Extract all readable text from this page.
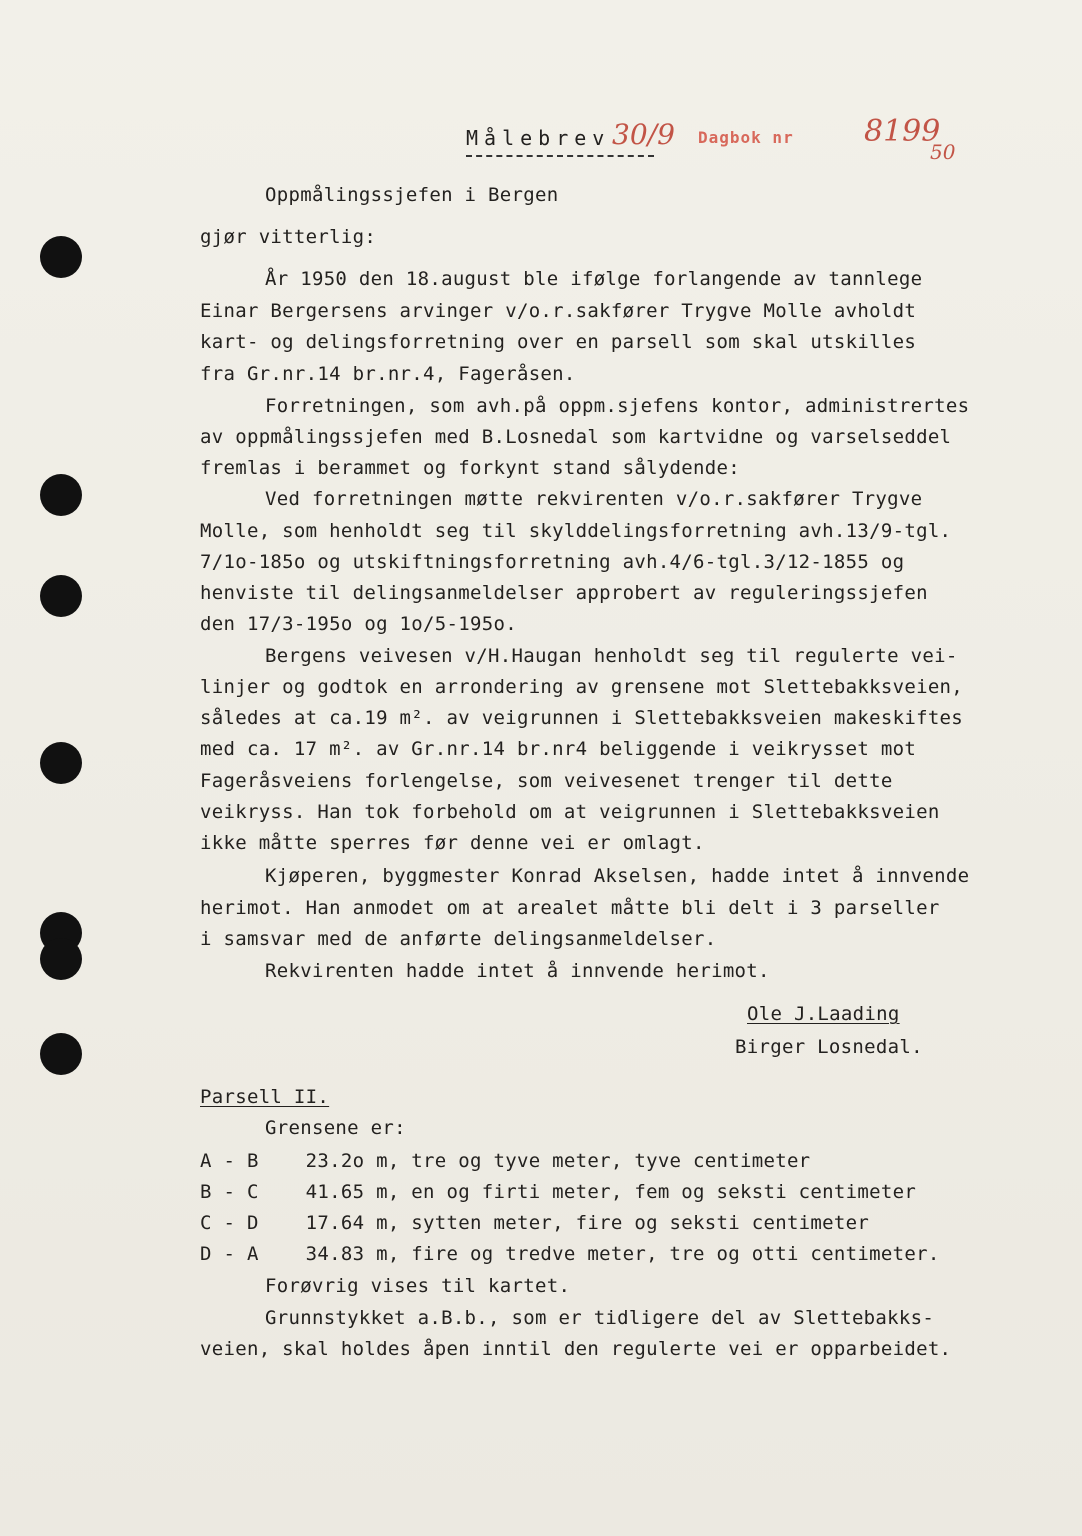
Målebrev 30/9 Dagbok nr 8199
50
Oppmålingssjefen i Bergen
gjør vitterlig:
År 1950 den 18.august ble ifølge forlangende av tannlege
Einar Bergersens arvinger v/o.r.sakfører Trygve Molle avholdt
kart- og delingsforretning over en parsell som skal utskilles
fra Gr.nr.14 br.nr.4, Fageråsen.
Forretningen, som avh.på oppm.sjefens kontor, administrertes
av oppmålingssjefen med B.Losnedal som kartvidne og varselseddel
fremlas i berammet og forkynt stand sålydende:
Ved forretningen møtte rekvirenten v/o.r.sakfører Trygve
Molle, som henholdt seg til skylddelingsforretning avh.13/9-tgl.
7/1o-185o og utskiftningsforretning avh.4/6-tgl.3/12-1855 og
henviste til delingsanmeldelser approbert av reguleringssjefen
den 17/3-195o og 1o/5-195o.
Bergens veivesen v/H.Haugan henholdt seg til regulerte vei-
linjer og godtok en arrondering av grensene mot Slettebakksveien,
således at ca.19 m². av veigrunnen i Slettebakksveien makeskiftes
med ca. 17 m². av Gr.nr.14 br.nr4 beliggende i veikrysset mot
Fageråsveiens forlengelse, som veivesenet trenger til dette
veikryss. Han tok forbehold om at veigrunnen i Slettebakksveien
ikke måtte sperres før denne vei er omlagt.
Kjøperen, byggmester Konrad Akselsen, hadde intet å innvende
herimot. Han anmodet om at arealet måtte bli delt i 3 parseller
i samsvar med de anførte delingsanmeldelser.
Rekvirenten hadde intet å innvende herimot.
Ole J.Laading
Birger Losnedal.
Parsell II.
Grensene er:
A - B    23.2o m, tre og tyve meter, tyve centimeter
B - C    41.65 m, en og firti meter, fem og seksti centimeter
C - D    17.64 m, sytten meter, fire og seksti centimeter
D - A    34.83 m, fire og tredve meter, tre og otti centimeter.
Forøvrig vises til kartet.
Grunnstykket a.B.b., som er tidligere del av Slettebakks-
veien, skal holdes åpen inntil den regulerte vei er opparbeidet.
